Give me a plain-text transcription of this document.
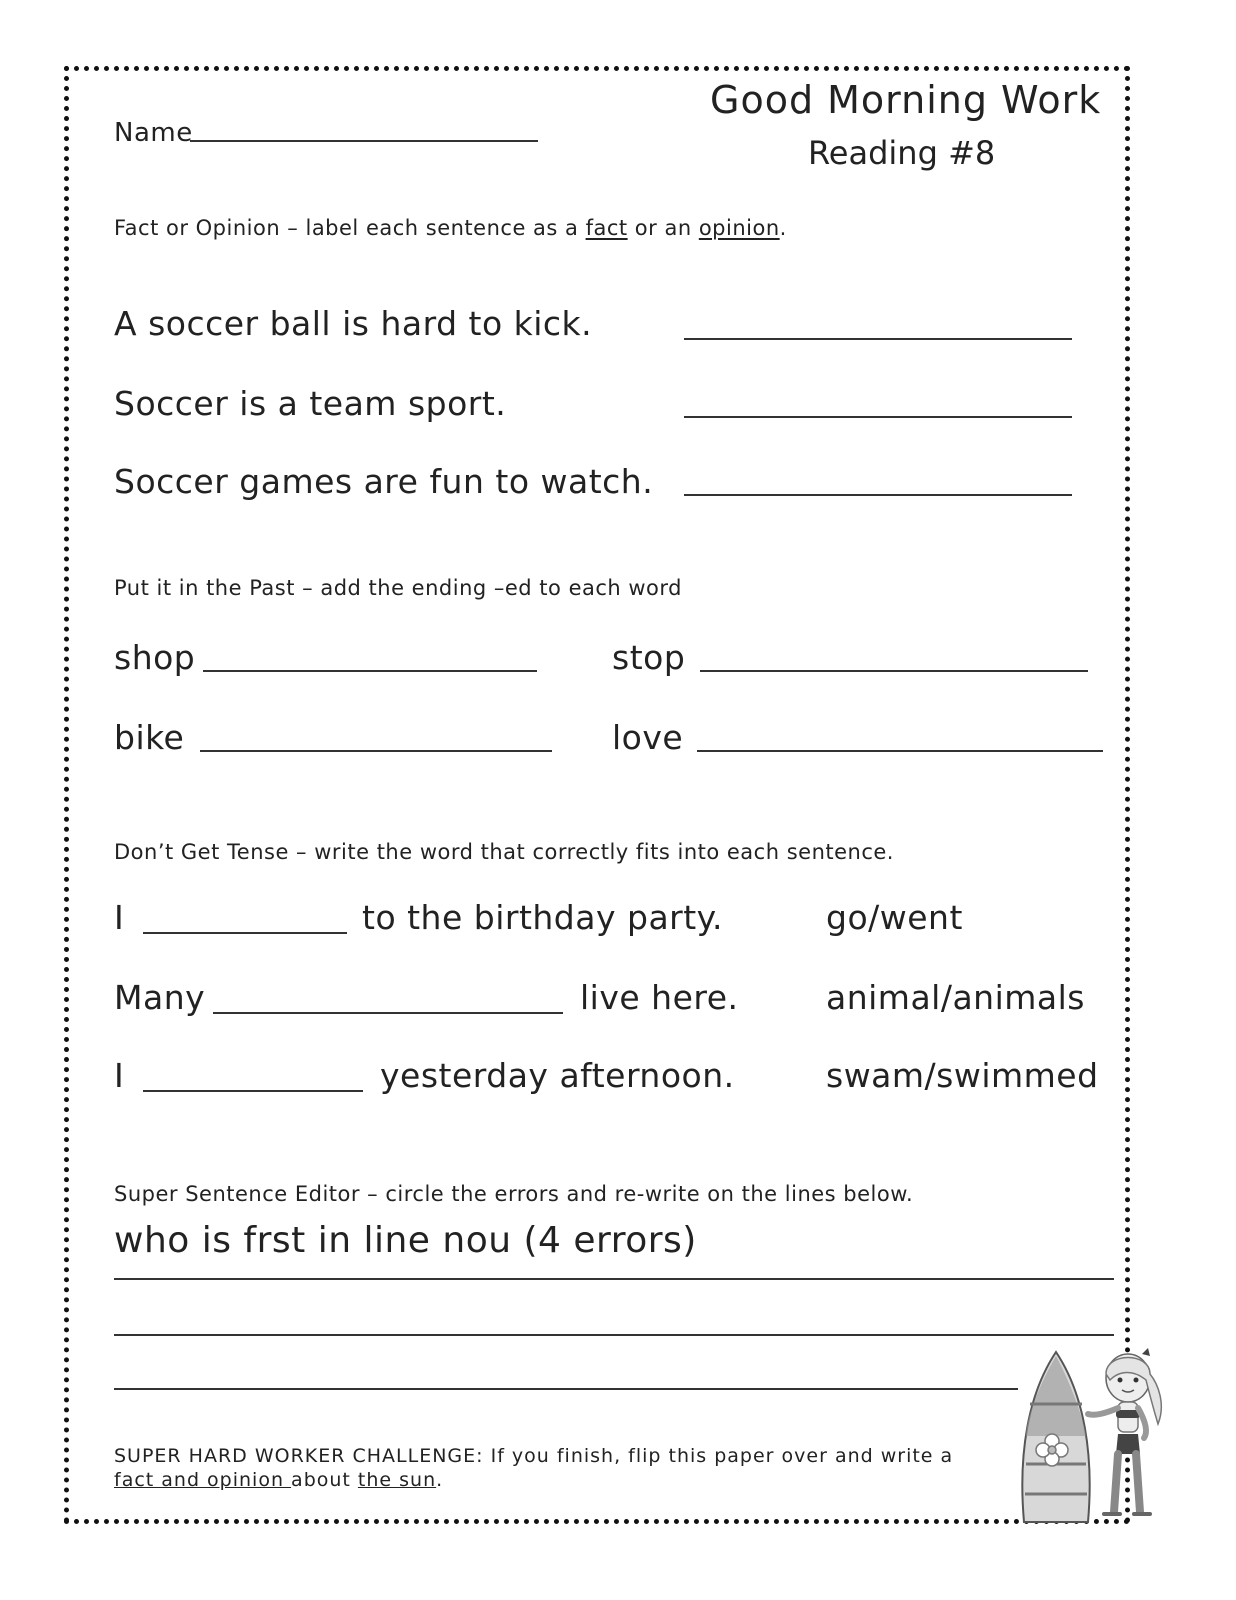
Name
Good Morning Work
Reading #8
Fact or Opinion – label each sentence as a fact or an opinion.
A soccer ball is hard to kick.
Soccer is a team sport.
Soccer games are fun to watch.
Put it in the Past – add the ending –ed to each word
shop	stop
bike	love
Don’t Get Tense – write the word that correctly fits into each sentence.
I	to the birthday party.	go/went
Many	live here.	animal/animals
I	yesterday afternoon.	swam/swimmed
Super Sentence Editor – circle the errors and re-write on the lines below.
who is frst in line nou (4 errors)
SUPER HARD WORKER CHALLENGE: If you finish, flip this paper over and write a
fact and opinion about the sun.
